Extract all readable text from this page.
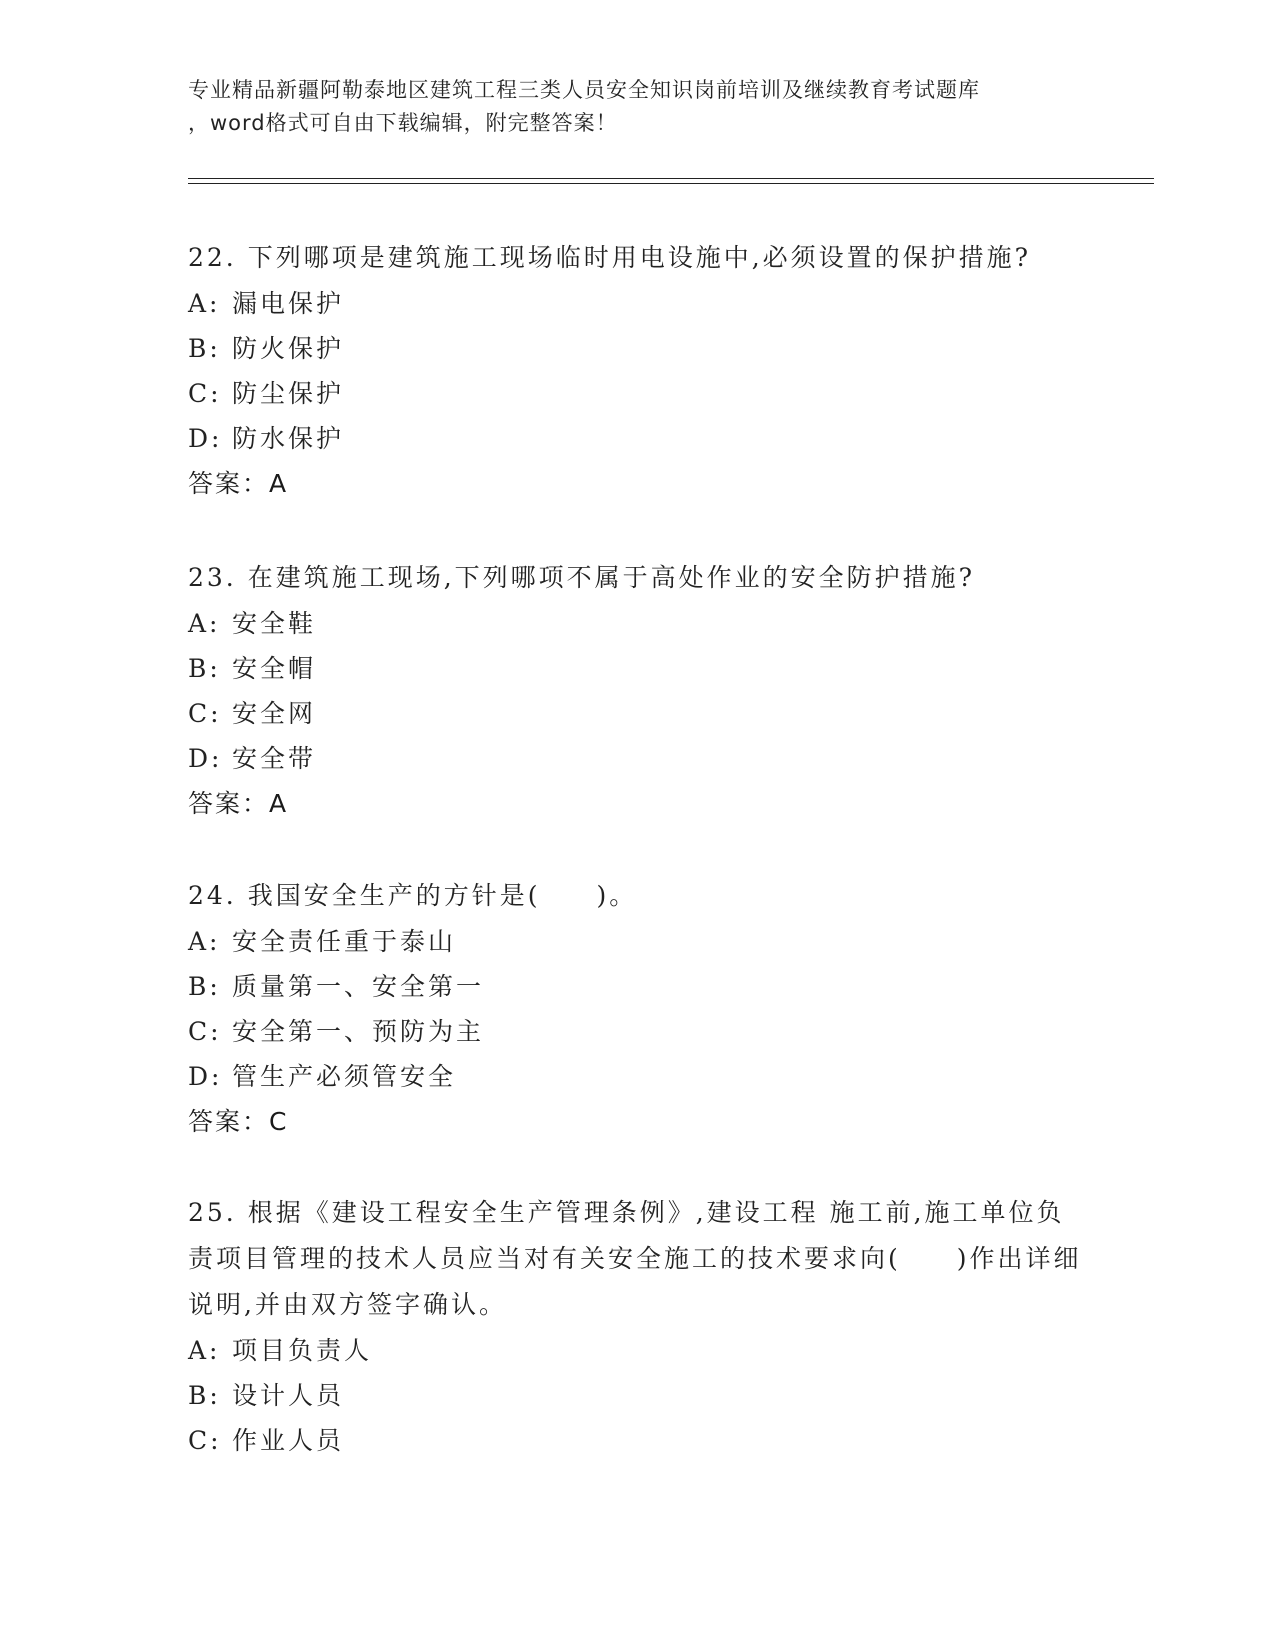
专业精品新疆阿勒泰地区建筑工程三类人员安全知识岗前培训及继续教育考试题库
，word格式可自由下载编辑，附完整答案！

22. 下列哪项是建筑施工现场临时用电设施中,必须设置的保护措施?

A: 漏电保护

B: 防火保护

C: 防尘保护

D: 防水保护

答案：A

23. 在建筑施工现场,下列哪项不属于高处作业的安全防护措施?

A: 安全鞋

B: 安全帽

C: 安全网

D: 安全带

答案：A

24. 我国安全生产的方针是(　　)。

A: 安全责任重于泰山

B: 质量第一、安全第一

C: 安全第一、预防为主

D: 管生产必须管安全

答案：C

25. 根据《建设工程安全生产管理条例》,建设工程 施工前,施工单位负责项目管理的技术人员应当对有关安全施工的技术要求向(　　)作出详细说明,并由双方签字确认。

A: 项目负责人

B: 设计人员

C: 作业人员
